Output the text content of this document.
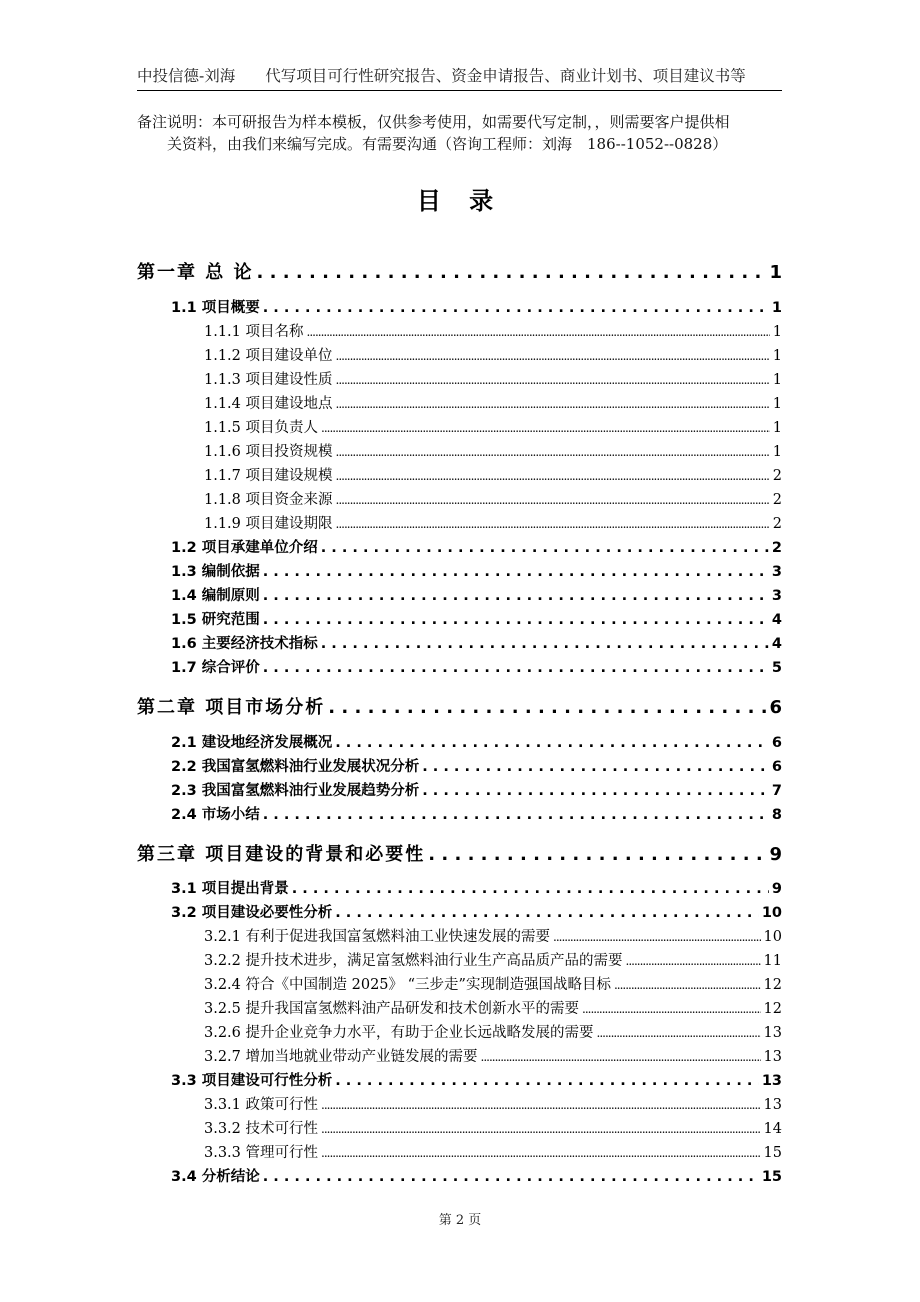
中投信德-刘海 代写项目可行性研究报告、资金申请报告、商业计划书、项目建议书等
备注说明：本可研报告为样本模板，仅供参考使用，如需要代写定制，，则需要客户提供相
关资料，由我们来编写完成。有需要沟通（咨询工程师：刘海　186--1052--0828）
目 录
第一章 总 论 . . .	1
1.1 项目概要 . . .	1
1.1.1 项目名称 .....	1
1.1.2 项目建设单位 .....	1
1.1.3 项目建设性质 .....	1
1.1.4 项目建设地点 .....	1
1.1.5 项目负责人 .....	1
1.1.6 项目投资规模 .....	1
1.1.7 项目建设规模 .....	2
1.1.8 项目资金来源 .....	2
1.1.9 项目建设期限 .....	2
1.2 项目承建单位介绍 . . .	2
1.3 编制依据 . . .	3
1.4 编制原则 . . .	3
1.5 研究范围 . . .	4
1.6 主要经济技术指标 . . .	4
1.7 综合评价 . . .	5
第二章 项目市场分析 . . .	6
2.1 建设地经济发展概况 . . .	6
2.2 我国富氢燃料油行业发展状况分析 . . .	6
2.3 我国富氢燃料油行业发展趋势分析 . . .	7
2.4 市场小结 . . .	8
第三章 项目建设的背景和必要性 . . .	9
3.1 项目提出背景 . . .	9
3.2 项目建设必要性分析 . . .	10
3.2.1 有利于促进我国富氢燃料油工业快速发展的需要 .....	10
3.2.2 提升技术进步，满足富氢燃料油行业生产高品质产品的需要 .....	11
3.2.4 符合《中国制造 2025》 “三步走”实现制造强国战略目标 .....	12
3.2.5 提升我国富氢燃料油产品研发和技术创新水平的需要 .....	12
3.2.6 提升企业竞争力水平，有助于企业长远战略发展的需要 .....	13
3.2.7 增加当地就业带动产业链发展的需要 .....	13
3.3 项目建设可行性分析 . . .	13
3.3.1 政策可行性 .....	13
3.3.2 技术可行性 .....	14
3.3.3 管理可行性 .....	15
3.4 分析结论 . . .	15
第 2 页
